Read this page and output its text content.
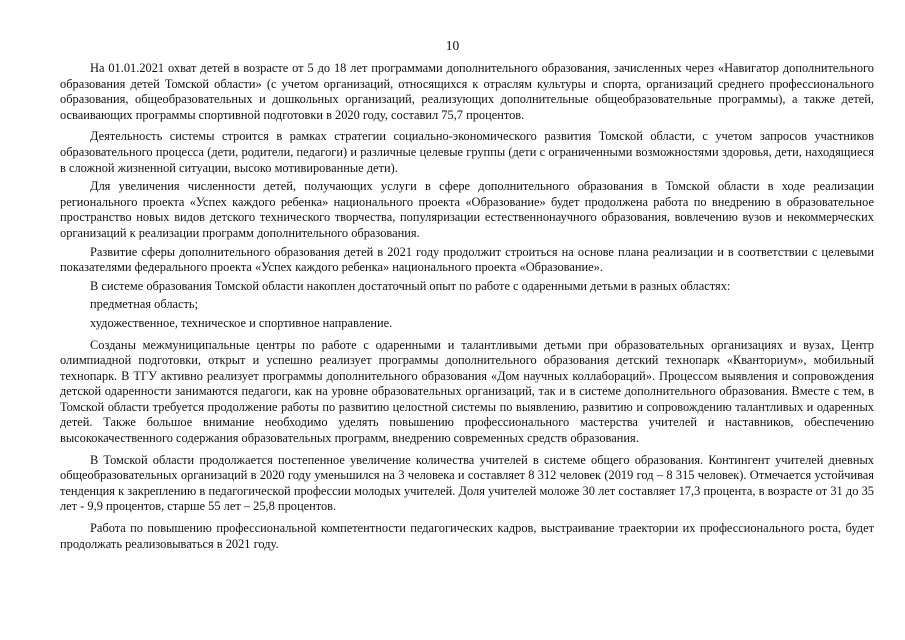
10

На 01.01.2021 охват детей в возрасте от 5 до 18 лет программами дополнительного образования, зачисленных через «Навигатор дополнительного образования детей Томской области» (с учетом организаций, относящихся к отраслям культуры и спорта, организаций среднего профессионального образования, общеобразовательных и дошкольных организаций, реализующих дополнительные общеобразовательные программы), а также детей, осваивающих программы спортивной подготовки в 2020 году, составил 75,7 процентов.

Деятельность системы строится в рамках стратегии социально-экономического развития Томской области, с учетом запросов участников образовательного процесса (дети, родители, педагоги) и различные целевые группы (дети с ограниченными возможностями здоровья, дети, находящиеся в сложной жизненной ситуации, высоко мотивированные дети).

Для увеличения численности детей, получающих услуги в сфере дополнительного образования в Томской области в ходе реализации регионального проекта «Успех каждого ребенка» национального проекта «Образование» будет продолжена работа по внедрению в образовательное пространство новых видов детского технического творчества, популяризации естественнонаучного образования, вовлечению вузов и некоммерческих организаций к реализации программ дополнительного образования.

Развитие сферы дополнительного образования детей в 2021 году продолжит строиться на основе плана реализации и в соответствии с целевыми показателями федерального проекта «Успех каждого ребенка» национального проекта «Образование».

В системе образования Томской области накоплен достаточный опыт по работе с одаренными детьми в разных областях:

предметная область;

художественное, техническое и спортивное направление.

Созданы межмуниципальные центры по работе с одаренными и талантливыми детьми при образовательных организациях и вузах, Центр олимпиадной подготовки, открыт и успешно реализует программы дополнительного образования детский технопарк «Кванториум», мобильный технопарк. В ТГУ активно реализует программы дополнительного образования «Дом научных коллабораций». Процессом выявления и сопровождения детской одаренности занимаются педагоги, как на уровне образовательных организаций, так и в системе дополнительного образования. Вместе с тем, в Томской области требуется продолжение работы по развитию целостной системы по выявлению, развитию и сопровождению талантливых и одаренных детей. Также большое внимание необходимо уделять повышению профессионального мастерства учителей и наставников, обеспечению высококачественного содержания образовательных программ, внедрению современных средств образования.

В Томской области продолжается постепенное увеличение количества учителей в системе общего образования. Контингент учителей дневных общеобразовательных организаций в 2020 году уменьшился на 3 человека и составляет 8 312 человек (2019 год – 8 315 человек). Отмечается устойчивая тенденция к закреплению в педагогической профессии молодых учителей. Доля учителей моложе 30 лет составляет 17,3 процента, в возрасте от 31 до 35 лет - 9,9 процентов, старше 55 лет – 25,8 процентов.

Работа по повышению профессиональной компетентности педагогических кадров, выстраивание траектории их профессионального роста, будет продолжать реализовываться в 2021 году.
